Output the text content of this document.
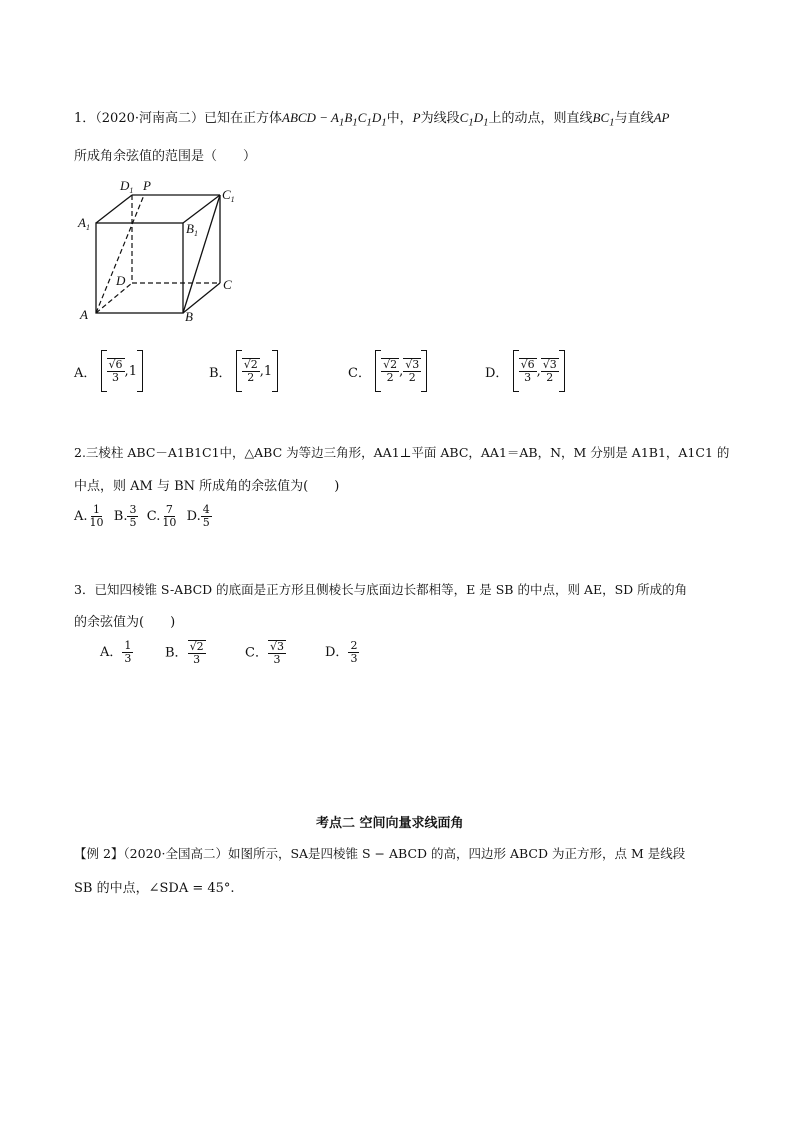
1．（2020·河南高二）已知在正方体ABCD − $A_1B_1C_1D_1$中，P为线段$C_1D_1$上的动点，则直线$BC_1$与直线AP
所成角余弦值的范围是（　　）
$D_1$ P
$C_1$
$A_1$	$B_1$
D	C
A	B
A．
$\frac{√6}{3}$ , 1	B．
$\frac{√2}{2}$ , 1	C．
$\frac{√2}{2}$ , $\frac{√3}{2}$	D．
$\frac{√6}{3}$ , $\frac{√3}{2}$
2.三棱柱 ABC－A1B1C1中，△ABC 为等边三角形，AA1⊥平面 ABC，AA1＝AB，N，M 分别是 A1B1，A1C1 的
中点，则 AM 与 BN 所成角的余弦值为(　　)
A. $\frac{1}{10} B$. $\frac{3}{5} C$. $\frac{7}{10} D$. $\frac{4}{5}$
3．已知四棱锥 S-ABCD 的底面是正方形且侧棱长与底面边长都相等，E 是 SB 的中点，则 AE，SD 所成的角
的余弦值为(　　)
A． $\frac{1}{3}$ B． $\frac{√2}{3}$	C． $\frac{√3}{3}$	D． $\frac{2}{3}$
考点二 空间向量求线面角
【例 2】（2020·全国高二）如图所示，SA是四棱锥 S − ABCD 的高，四边形 ABCD 为正方形，点 M 是线段
SB 的中点，∠SDA = 45°.
